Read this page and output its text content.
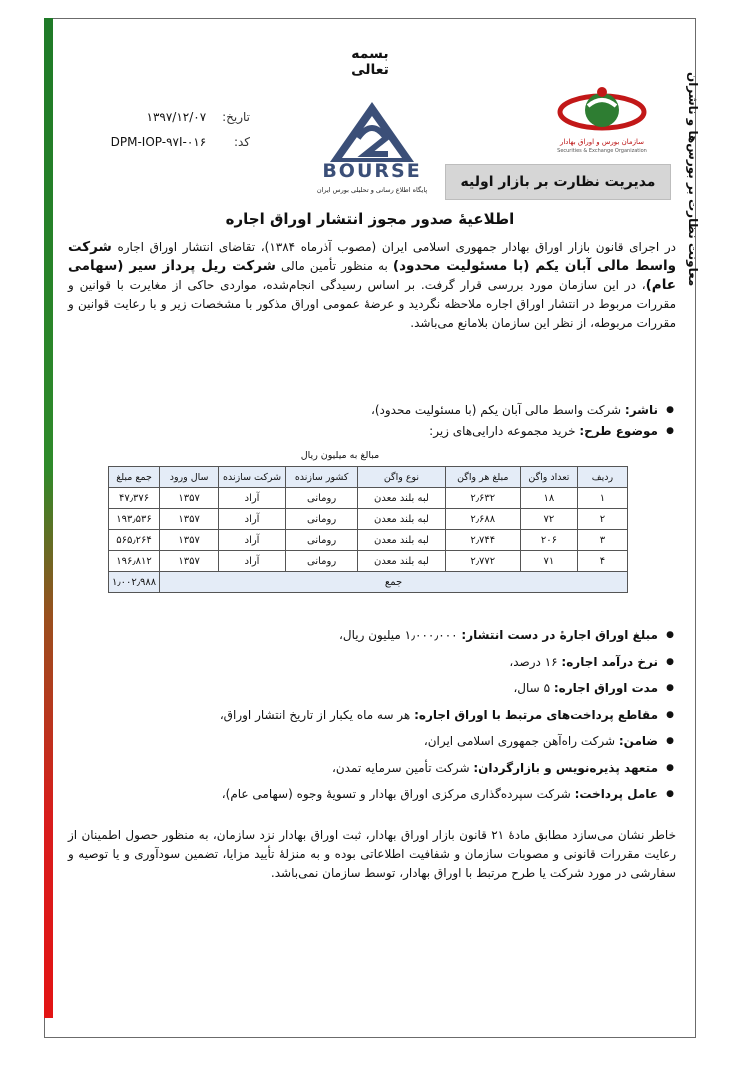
معاونت نظارت بر بورس‌ها و ناشران
بسمه تعالی
تاریخ: ۱۳۹۷/۱۲/۰۷
کد: DPM-IOP-۹۷I-۰۱۶
BOURSE
پایگاه اطلاع رسانی و تحلیلی بورس ایران
سازمان بورس و اوراق بهادار
Securities & Exchange Organization
مدیریت نظارت بر بازار اولیه
اطلاعیهٔ صدور مجوز انتشار اوراق اجاره
در اجرای قانون بازار اوراق بهادار جمهوری اسلامی ایران (مصوب آذرماه ۱۳۸۴)، تقاضای انتشار اوراق اجاره شرکت واسط مالی آبان یکم (با مسئولیت محدود) به منظور تأمین مالی شرکت ریل پرداز سیر (سهامی عام)، در این سازمان مورد بررسی قرار گرفت. بر اساس رسیدگی انجام‌شده، مواردی حاکی از مغایرت با قوانین و مقررات مربوط در انتشار اوراق اجاره ملاحظه نگردید و عرضهٔ عمومی اوراق مذکور با مشخصات زیر و با رعایت قوانین و مقررات مربوطه، از نظر این سازمان بلامانع می‌باشد.
● ناشر: شرکت واسط مالی آبان یکم (با مسئولیت محدود)،
● موضوع طرح: خرید مجموعه دارایی‌های زیر:
مبالغ به میلیون ریال
ردیف	تعداد واگن	مبلغ هر واگن	نوع واگن	کشور سازنده	شرکت سازنده	سال ورود	جمع مبلغ
۱	۱۸	۲٫۶۳۲	لبه بلند معدن	رومانی	آراد	۱۳۵۷	۴۷٫۳۷۶
۲	۷۲	۲٫۶۸۸	لبه بلند معدن	رومانی	آراد	۱۳۵۷	۱۹۳٫۵۳۶
۳	۲۰۶	۲٫۷۴۴	لبه بلند معدن	رومانی	آراد	۱۳۵۷	۵۶۵٫۲۶۴
۴	۷۱	۲٫۷۷۲	لبه بلند معدن	رومانی	آراد	۱۳۵۷	۱۹۶٫۸۱۲
جمع							۱٫۰۰۲٫۹۸۸
● مبلغ اوراق اجارهٔ در دست انتشار: ۱٫۰۰۰٫۰۰۰ میلیون ریال،
● نرخ درآمد اجاره: ۱۶ درصد،
● مدت اوراق اجاره: ۵ سال،
● مقاطع پرداخت‌های مرتبط با اوراق اجاره: هر سه ماه یکبار از تاریخ انتشار اوراق،
● ضامن: شرکت راه‌آهن جمهوری اسلامی ایران،
● متعهد پذیره‌نویس و بازارگردان: شرکت تأمین سرمایه تمدن،
● عامل پرداخت: شرکت سپرده‌گذاری مرکزی اوراق بهادار و تسویهٔ وجوه (سهامی عام)،
خاطر نشان می‌سازد مطابق مادهٔ ۲۱ قانون بازار اوراق بهادار، ثبت اوراق بهادار نزد سازمان، به منظور حصول اطمینان از رعایت مقررات قانونی و مصوبات سازمان و شفافیت اطلاعاتی بوده و به منزلهٔ تأیید مزایا، تضمین سودآوری و یا توصیه و سفارشی در مورد شرکت یا طرح مرتبط با اوراق بهادار، توسط سازمان نمی‌باشد.
